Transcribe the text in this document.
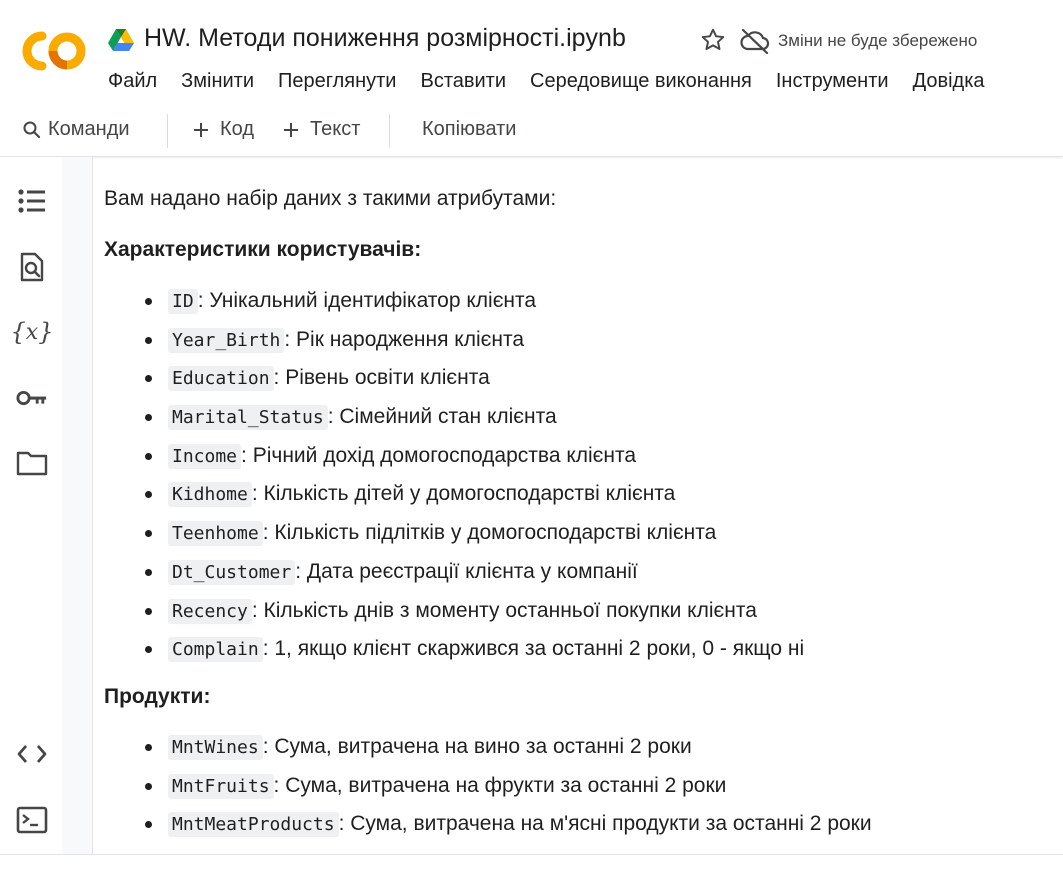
HW. Методи пониження розмірності.ipynb	Зміни не буде збережено
Файл Змінити Переглянути Вставити Середовище виконання Інструменти Довідка
Команди	Код	Текст	Копіювати
{ x }
Вам надано набір даних з такими атрибутами:
Характеристики користувачів:
ID : Унікальний ідентифікатор клієнта
Year_Birth : Рік народження клієнта
Education : Рівень освіти клієнта
Marital_Status : Сімейний стан клієнта
Income : Річний дохід домогосподарства клієнта
Kidhome : Кількість дітей у домогосподарстві клієнта
Teenhome : Кількість підлітків у домогосподарстві клієнта
Dt_Customer : Дата реєстрації клієнта у компанії
Recency : Кількість днів з моменту останньої покупки клієнта
Complain : 1, якщо клієнт скаржився за останні 2 роки, 0 - якщо ні
Продукти:
MntWines : Сума, витрачена на вино за останні 2 роки
MntFruits : Сума, витрачена на фрукти за останні 2 роки
MntMeatProducts : Сума, витрачена на м'ясні продукти за останні 2 роки
